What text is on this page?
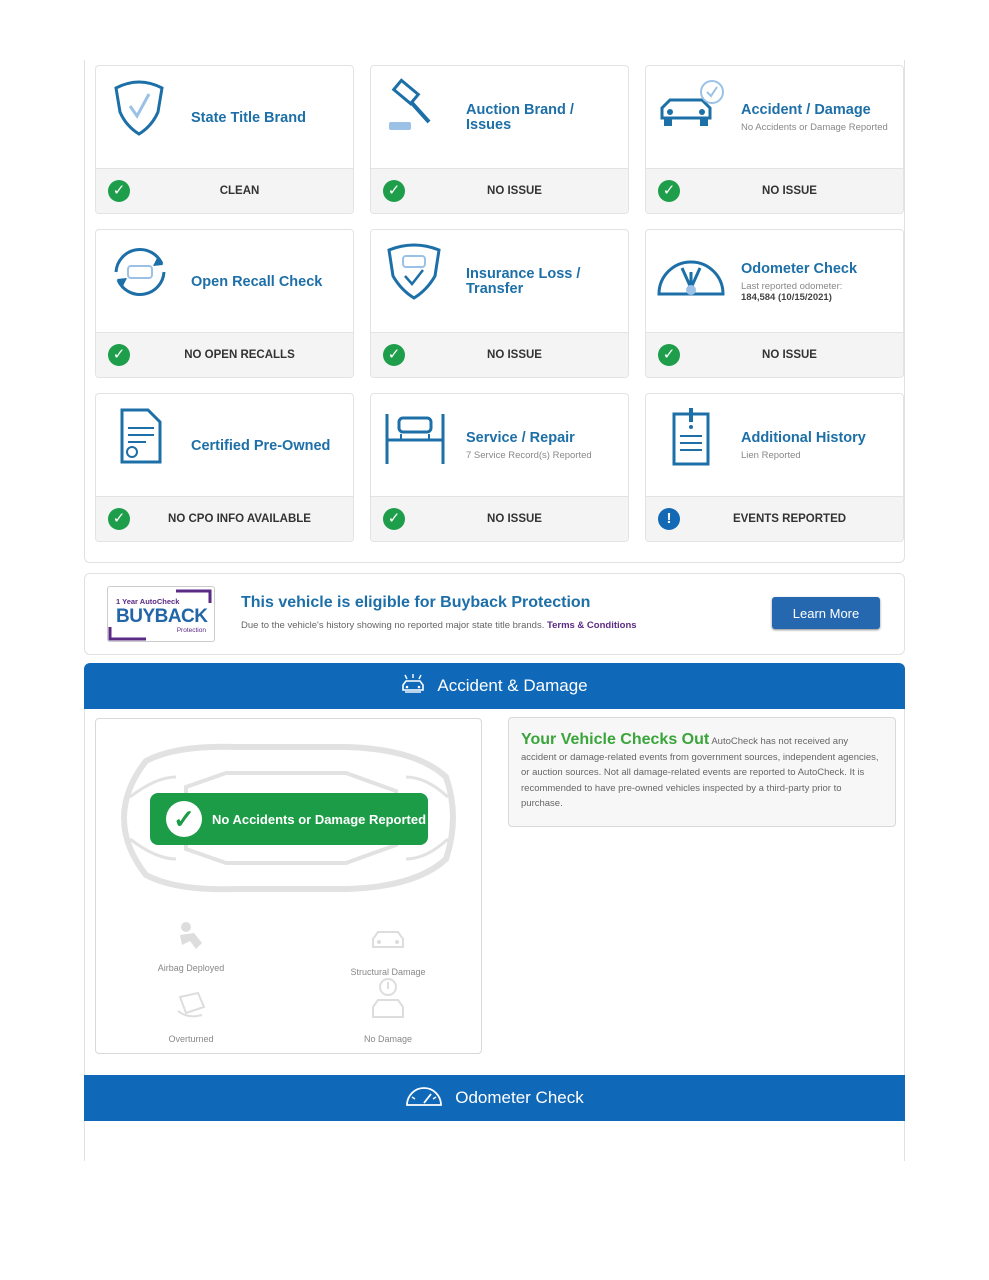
State Title Brand
✓	CLEAN
Auction Brand / Issues
✓	NO ISSUE
Accident / Damage
No Accidents or Damage Reported
✓	NO ISSUE
Open Recall Check
✓	NO OPEN RECALLS
Insurance Loss / Transfer
✓	NO ISSUE
Odometer Check
Last reported odometer:
184,584 (10/15/2021)
✓	NO ISSUE
Certified Pre-Owned
✓	NO CPO INFO AVAILABLE
Service / Repair
7 Service Record(s) Reported
✓	NO ISSUE
Additional History
Lien Reported
!	EVENTS REPORTED
1 Year AutoCheck
BUYBACK
Protection
This vehicle is eligible for Buyback Protection
Due to the vehicle's history showing no reported major state title brands. Terms & Conditions
Learn More
Accident & Damage
✓	No Accidents or Damage Reported
Airbag Deployed	Structural Damage
Overturned	No Damage
Your Vehicle Checks Out AutoCheck has not received any accident or damage-related events from government sources, independent agencies, or auction sources. Not all damage-related events are reported to AutoCheck. It is recommended to have pre-owned vehicles inspected by a third-party prior to purchase.
Odometer Check
